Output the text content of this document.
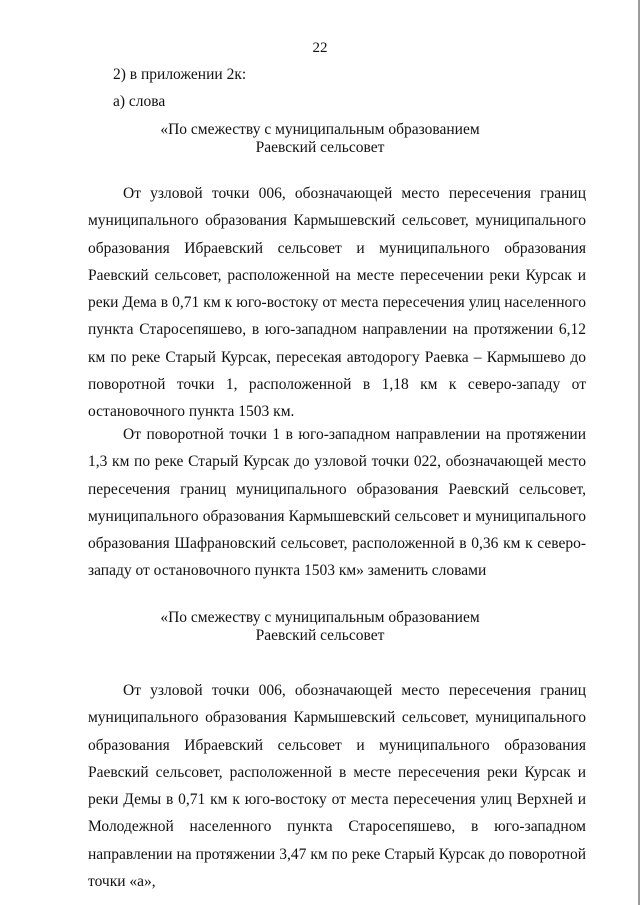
22
2) в приложении 2к:
а) слова
«По смежеству с муниципальным образованием
Раевский сельсовет
От узловой точки 006, обозначающей место пересечения границ муниципального образования Кармышевский сельсовет, муниципального образования Ибраевский сельсовет и муниципального образования Раевский сельсовет, расположенной на месте пересечении реки Курсак и реки Дема в 0,71 км к юго-востоку от места пересечения улиц населенного пункта Старосепяшево, в юго-западном направлении на протяжении 6,12 км по реке Старый Курсак, пересекая автодорогу Раевка – Кармышево до поворотной точки 1, расположенной в 1,18 км к северо-западу от остановочного пункта 1503 км.
От поворотной точки 1 в юго-западном направлении на протяжении 1,3 км по реке Старый Курсак до узловой точки 022, обозначающей место пересечения границ муниципального образования Раевский сельсовет, муниципального образования Кармышевский сельсовет и муниципального образования Шафрановский сельсовет, расположенной в 0,36 км к северо-западу от остановочного пункта 1503 км» заменить словами
«По смежеству с муниципальным образованием
Раевский сельсовет
От узловой точки 006, обозначающей место пересечения границ муниципального образования Кармышевский сельсовет, муниципального образования Ибраевский сельсовет и муниципального образования Раевский сельсовет, расположенной в месте пересечения реки Курсак и реки Демы в 0,71 км к юго-востоку от места пересечения улиц Верхней и Молодежной населенного пункта Старосепяшево, в юго-западном направлении на протяжении 3,47 км по реке Старый Курсак до поворотной точки «а»,
